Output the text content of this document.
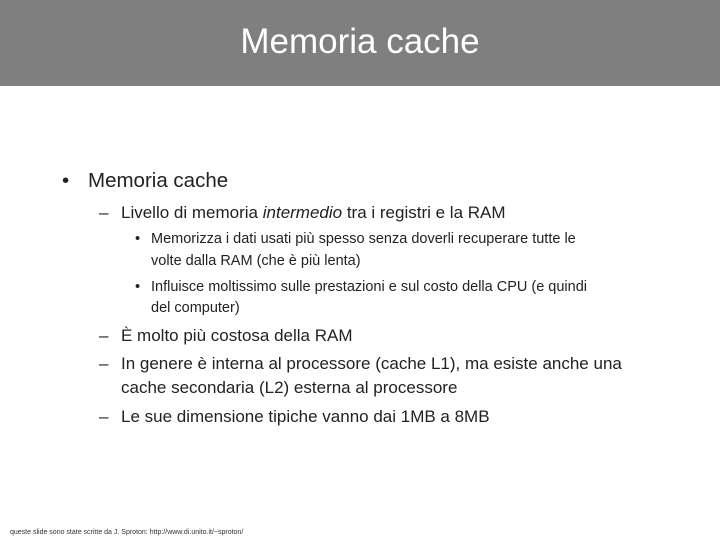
Memoria cache
• Memoria cache
– Livello di memoria intermedio tra i registri e la RAM
• Memorizza i dati usati più spesso senza doverli recuperare tutte le
volte dalla RAM (che è più lenta)
• Influisce moltissimo sulle prestazioni e sul costo della CPU (e quindi
del computer)
– È molto più costosa della RAM
– In genere è interna al processore (cache L1), ma esiste anche una
cache secondaria (L2) esterna al processore
– Le sue dimensione tipiche vanno dai 1MB a 8MB
queste slide sono state scritte da J. Sproton: http://www.di.unito.it/~sproton/
